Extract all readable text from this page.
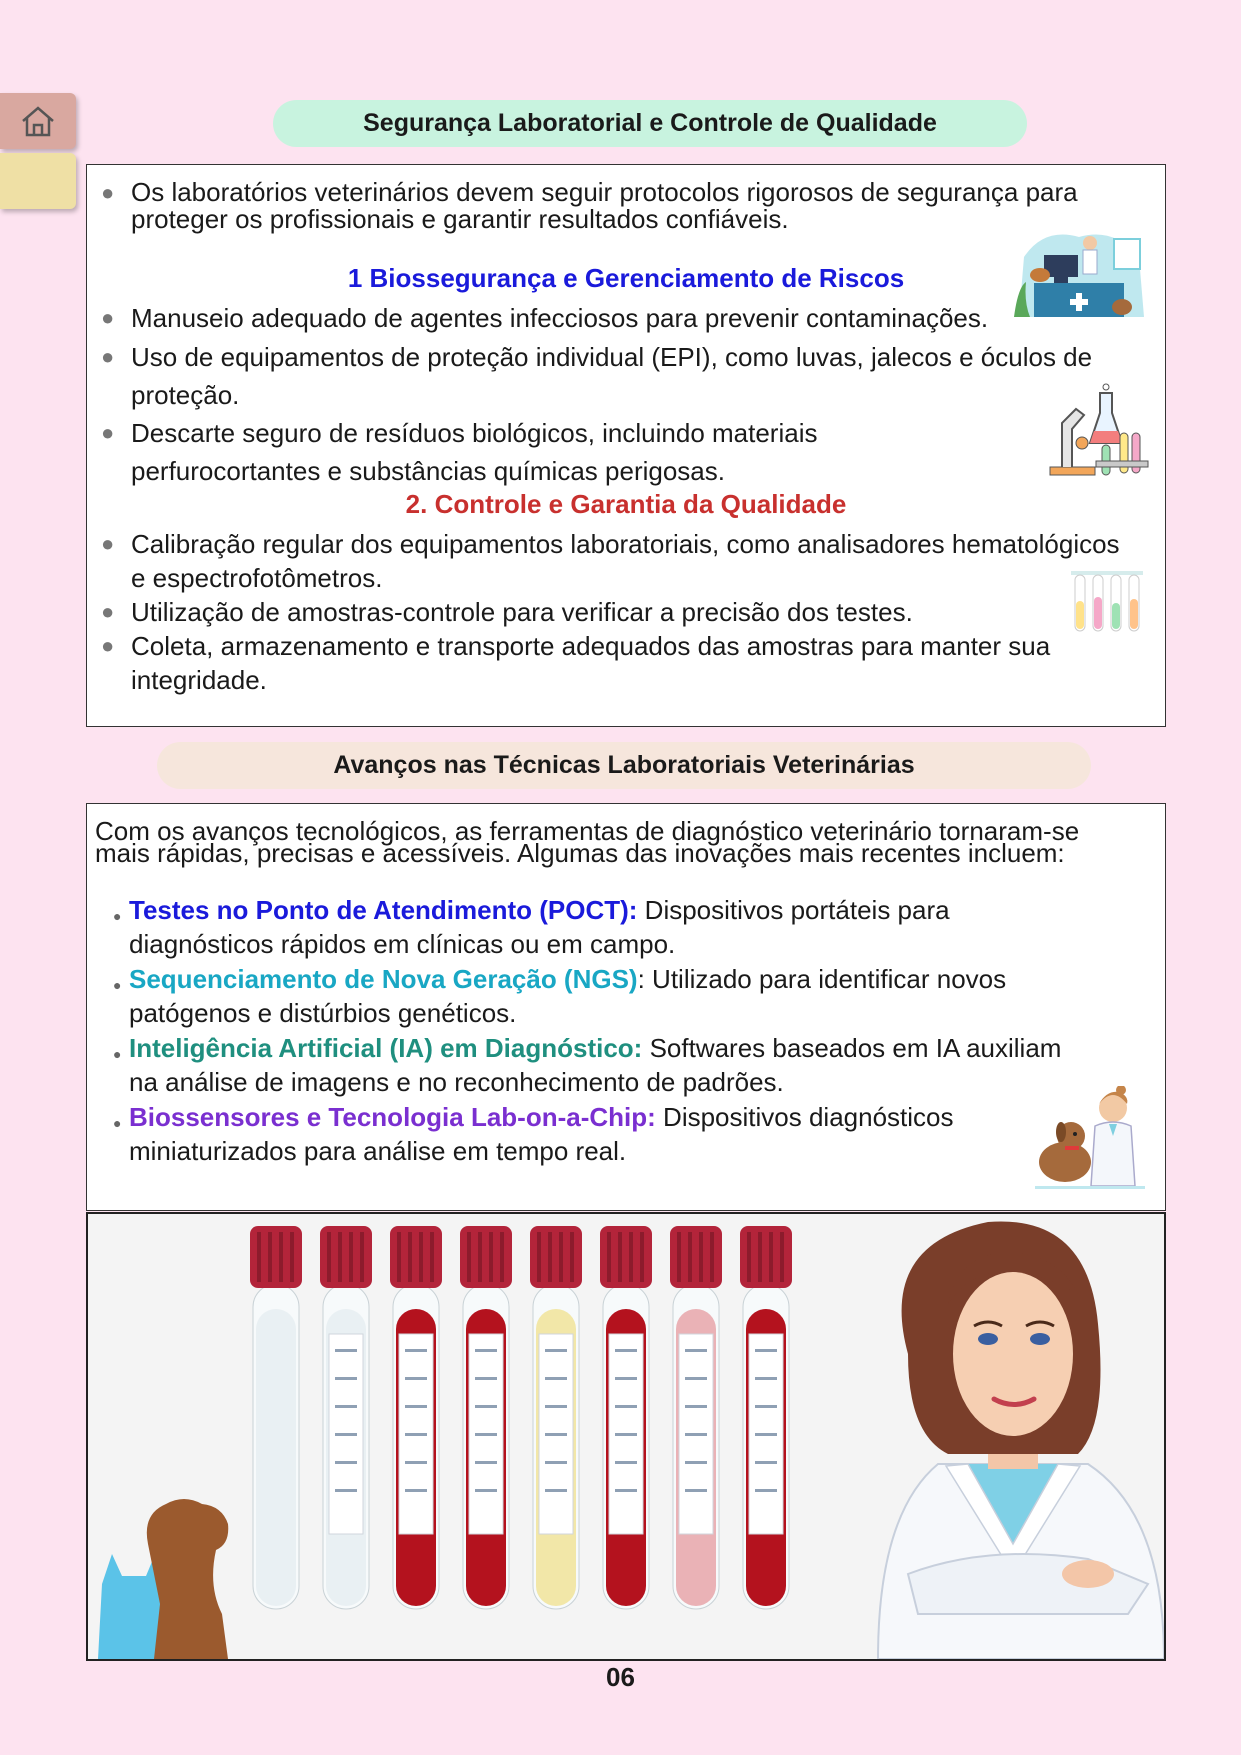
Segurança Laboratorial e Controle de Qualidade
● Os laboratórios veterinários devem seguir protocolos rigorosos de segurança para proteger os profissionais e garantir resultados confiáveis.
1 Biossegurança e Gerenciamento de Riscos
● Manuseio adequado de agentes infecciosos para prevenir contaminações.
● Uso de equipamentos de proteção individual (EPI), como luvas, jalecos e óculos de proteção.
● Descarte seguro de resíduos biológicos, incluindo materiais perfurocortantes e substâncias químicas perigosas.
2. Controle e Garantia da Qualidade
● Calibração regular dos equipamentos laboratoriais, como analisadores hematológicos e espectrofotômetros.
● Utilização de amostras-controle para verificar a precisão dos testes.
● Coleta, armazenamento e transporte adequados das amostras para manter sua integridade.
Avanços nas Técnicas Laboratoriais Veterinárias
Com os avanços tecnológicos, as ferramentas de diagnóstico veterinário tornaram-se mais rápidas, precisas e acessíveis. Algumas das inovações mais recentes incluem:
● Testes no Ponto de Atendimento (POCT): Dispositivos portáteis para diagnósticos rápidos em clínicas ou em campo.
● Sequenciamento de Nova Geração (NGS): Utilizado para identificar novos patógenos e distúrbios genéticos.
● Inteligência Artificial (IA) em Diagnóstico: Softwares baseados em IA auxiliam na análise de imagens e no reconhecimento de padrões.
● Biossensores e Tecnologia Lab-on-a-Chip: Dispositivos diagnósticos miniaturizados para análise em tempo real.
06
